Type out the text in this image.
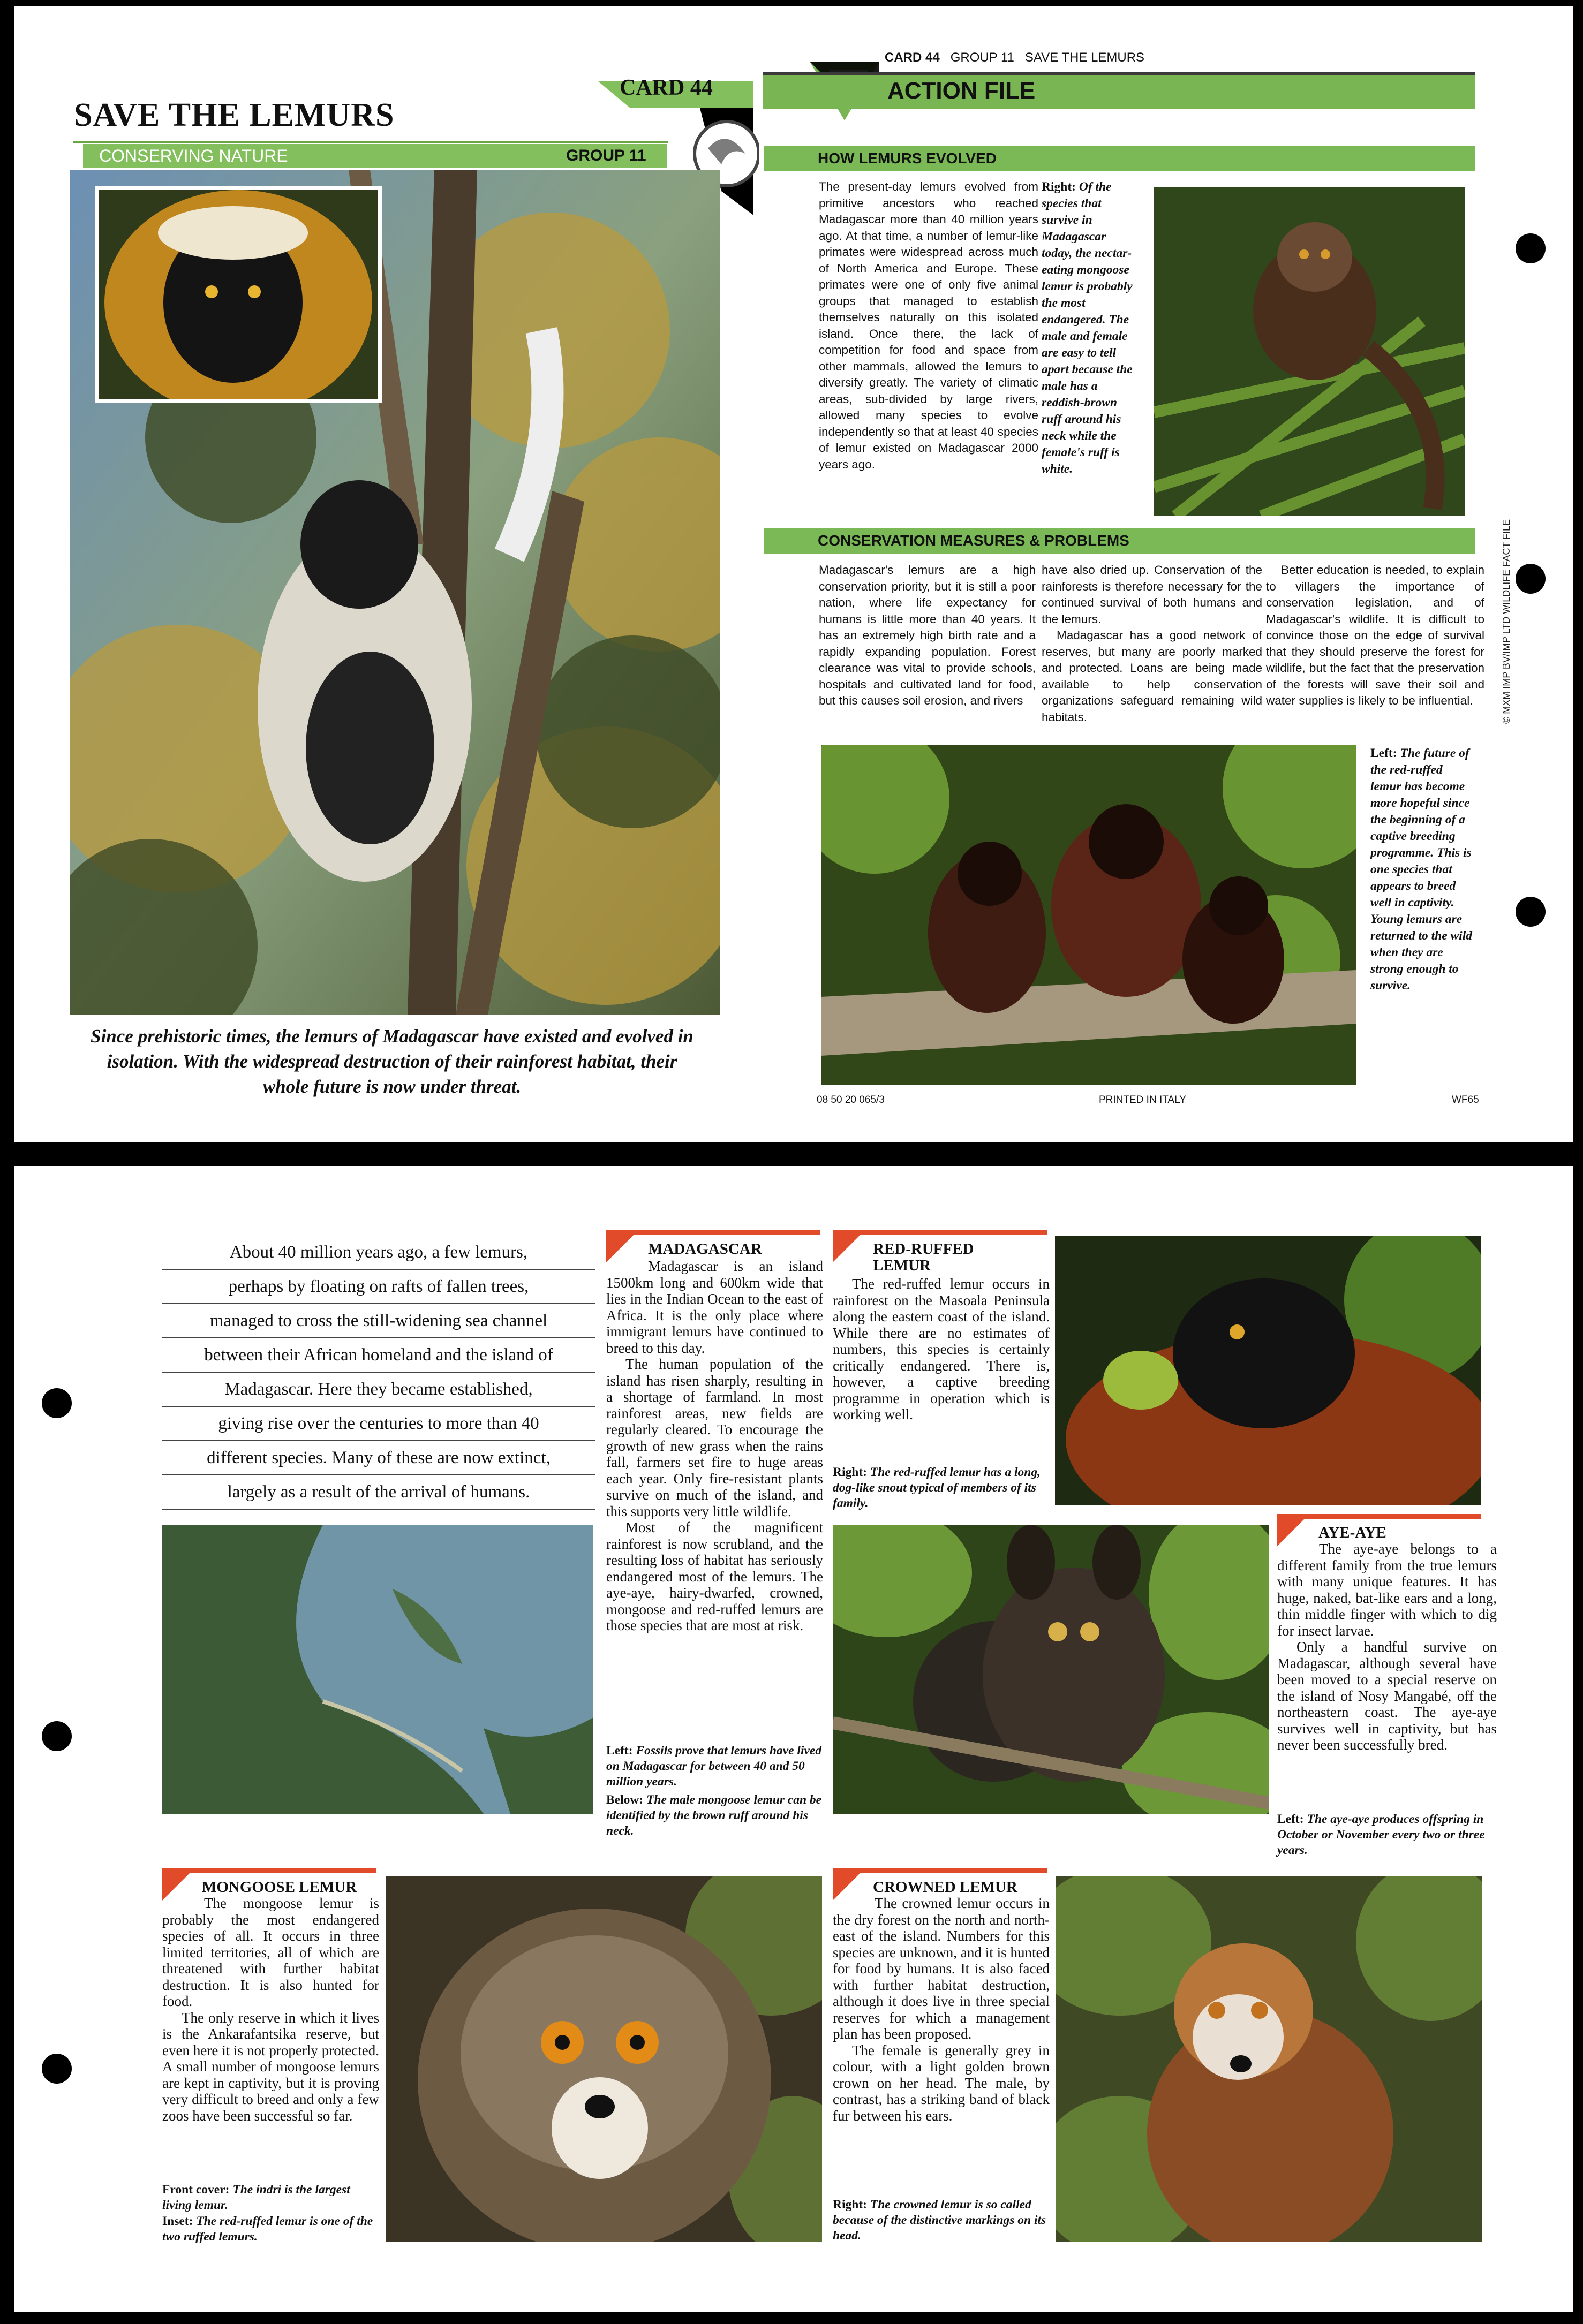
SAVE THE LEMURS
CONSERVING NATURE	GROUP 11
CARD 44
Since prehistoric times, the lemurs of Madagascar have existed and evolved in isolation. With the widespread destruction of their rainforest habitat, their whole future is now under threat.
CARD 44 GROUP 11 SAVE THE LEMURS
ACTION FILE
HOW LEMURS EVOLVED
The present-day lemurs evolved from primitive ancestors who reached Madagascar more than 40 million years ago. At that time, a number of lemur-like primates were widespread across much of North America and Europe. These primates were one of only five animal groups that managed to establish themselves naturally on this isolated island. Once there, the lack of competition for food and space from other mammals, allowed the lemurs to diversify greatly. The variety of climatic areas, sub-divided by large rivers, allowed many species to evolve independently so that at least 40 species of lemur existed on Madagascar 2000 years ago.
Right: Of the species that survive in Madagascar today, the nectar-eating mongoose lemur is probably the most endangered. The male and female are easy to tell apart because the male has a reddish-brown ruff around his neck while the female's ruff is white.
© MXM IMP BV/IMP LTD WILDLIFE FACT FILE
CONSERVATION MEASURES & PROBLEMS
Madagascar's lemurs are a high conservation priority, but it is still a poor nation, where life expectancy for humans is little more than 40 years. It has an extremely high birth rate and a rapidly expanding population. Forest clearance was vital to provide schools, hospitals and cultivated land for food, but this causes soil erosion, and rivers
have also dried up. Conservation of the rainforests is therefore necessary for the continued survival of both humans and the lemurs.

Madagascar has a good network of reserves, but many are poorly marked and protected. Loans are being made available to help conservation organizations safeguard remaining wild habitats.
Better education is needed, to explain to villagers the importance of conservation legislation, and of Madagascar's wildlife. It is difficult to convince those on the edge of survival that they should preserve the forest for wildlife, but the fact that the preservation of the forests will save their soil and water supplies is likely to be influential.
Left: The future of the red-ruffed lemur has become more hopeful since the beginning of a captive breeding programme. This is one species that appears to breed well in captivity. Young lemurs are returned to the wild when they are strong enough to survive.
08 50 20 065/3	PRINTED IN ITALY	WF65
About 40 million years ago, a few lemurs,
perhaps by floating on rafts of fallen trees,
managed to cross the still-widening sea channel
between their African homeland and the island of
Madagascar. Here they became established,
giving rise over the centuries to more than 40
different species. Many of these are now extinct,
largely as a result of the arrival of humans.
MADAGASCAR

Madagascar is an island 1500km long and 600km wide that lies in the Indian Ocean to the east of Africa. It is the only place where immigrant lemurs have continued to breed to this day.

The human population of the island has risen sharply, resulting in a shortage of farmland. In most rainforest areas, new fields are regularly cleared. To encourage the growth of new grass when the rains fall, farmers set fire to huge areas each year. Only fire-resistant plants survive on much of the island, and this supports very little wildlife.

Most of the magnificent rainforest is now scrubland, and the resulting loss of habitat has seriously endangered most of the lemurs. The aye-aye, hairy-dwarfed, crowned, mongoose and red-ruffed lemurs are those species that are most at risk.

Left: Fossils prove that lemurs have lived on Madagascar for between 40 and 50 million years.
Below: The male mongoose lemur can be identified by the brown ruff around his neck.
RED-RUFFED LEMUR

The red-ruffed lemur occurs in rainforest on the Masoala Peninsula along the eastern coast of the island. While there are no estimates of numbers, this species is certainly critically endangered. There is, however, a captive breeding programme in operation which is working well.

Right: The red-ruffed lemur has a long, dog-like snout typical of members of its family.
AYE-AYE

The aye-aye belongs to a different family from the true lemurs with many unique features. It has huge, naked, bat-like ears and a long, thin middle finger with which to dig for insect larvae.

Only a handful survive on Madagascar, although several have been moved to a special reserve on the island of Nosy Mangabé, off the northeastern coast. The aye-aye survives well in captivity, but has never been successfully bred.

Left: The aye-aye produces offspring in October or November every two or three years.
MONGOOSE LEMUR

The mongoose lemur is probably the most endangered species of all. It occurs in three limited territories, all of which are threatened with further habitat destruction. It is also hunted for food.

The only reserve in which it lives is the Ankarafantsika reserve, but even here it is not properly protected. A small number of mongoose lemurs are kept in captivity, but it is proving very difficult to breed and only a few zoos have been successful so far.

Front cover: The indri is the largest living lemur.
Inset: The red-ruffed lemur is one of the two ruffed lemurs.
CROWNED LEMUR

The crowned lemur occurs in the dry forest on the north and north-east of the island. Numbers for this species are unknown, and it is hunted for food by humans. It is also faced with further habitat destruction, although it does live in three special reserves for which a management plan has been proposed.

The female is generally grey in colour, with a light golden brown crown on her head. The male, by contrast, has a striking band of black fur between his ears.

Right: The crowned lemur is so called because of the distinctive markings on its head.
